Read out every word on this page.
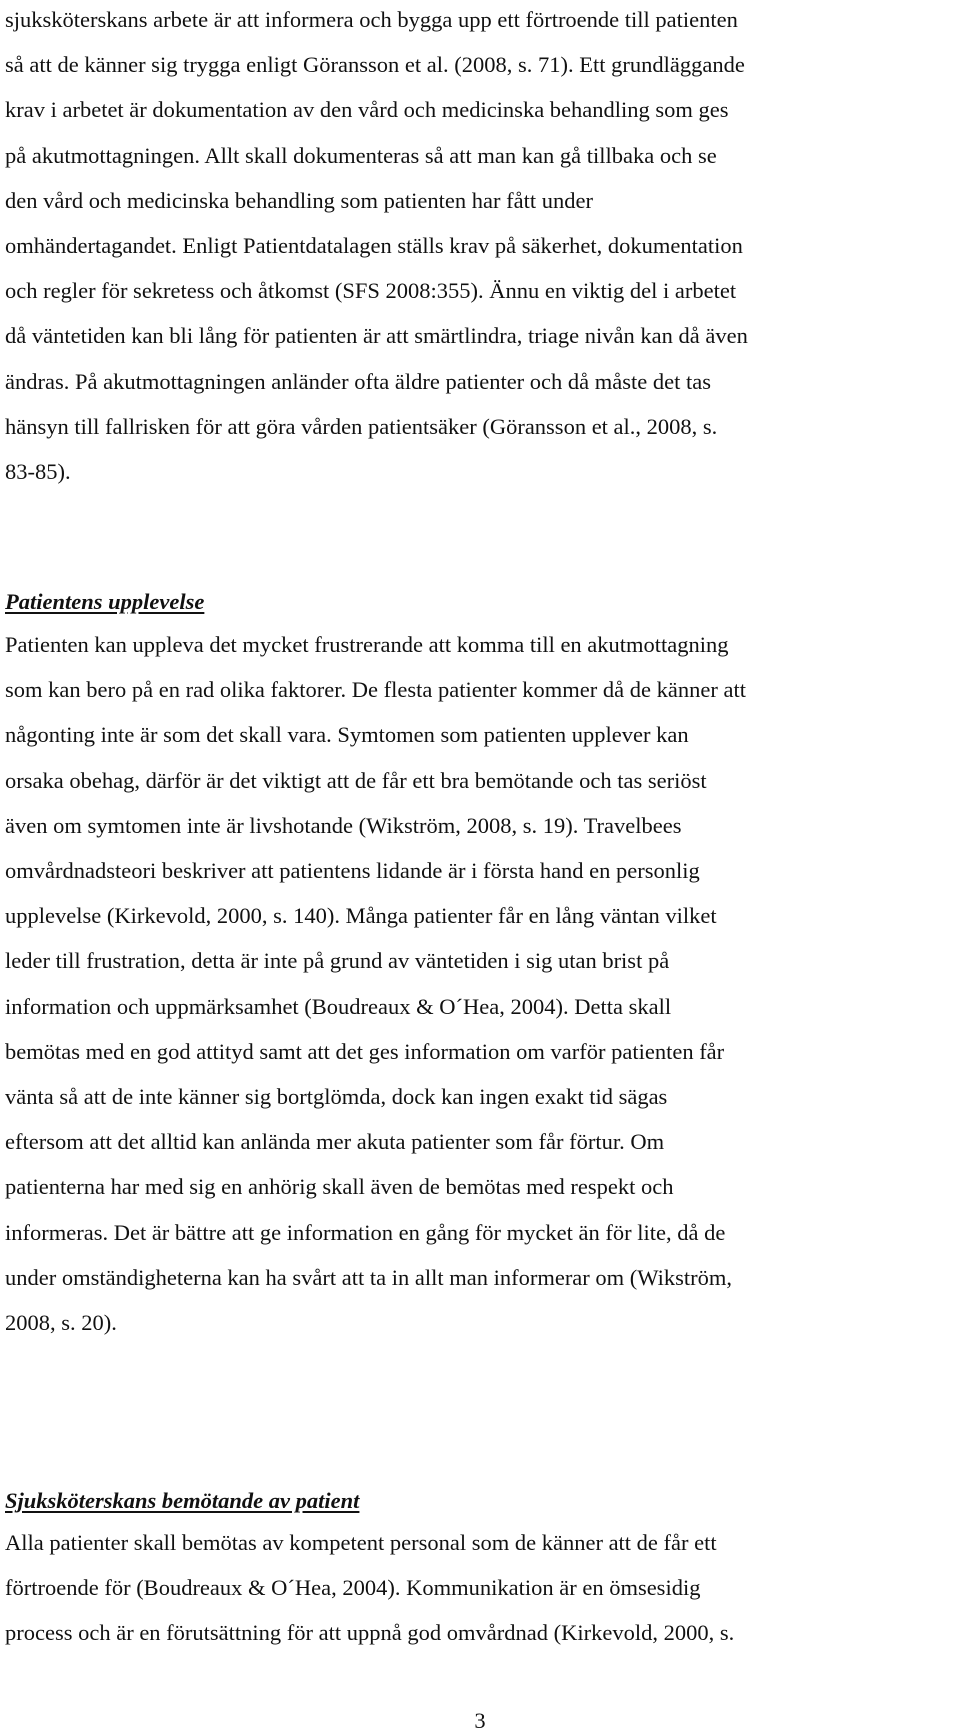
sjuksköterskans arbete är att informera och bygga upp ett förtroende till patienten
så att de känner sig trygga enligt Göransson et al. (2008, s. 71). Ett grundläggande
krav i arbetet är dokumentation av den vård och medicinska behandling som ges
på akutmottagningen. Allt skall dokumenteras så att man kan gå tillbaka och se
den vård och medicinska behandling som patienten har fått under
omhändertagandet. Enligt Patientdatalagen ställs krav på säkerhet, dokumentation
och regler för sekretess och åtkomst (SFS 2008:355). Ännu en viktig del i arbetet
då väntetiden kan bli lång för patienten är att smärtlindra, triage nivån kan då även
ändras. På akutmottagningen anländer ofta äldre patienter och då måste det tas
hänsyn till fallrisken för att göra vården patientsäker (Göransson et al., 2008, s.
83-85).

Patientens upplevelse

Patienten kan uppleva det mycket frustrerande att komma till en akutmottagning
som kan bero på en rad olika faktorer. De flesta patienter kommer då de känner att
någonting inte är som det skall vara. Symtomen som patienten upplever kan
orsaka obehag, därför är det viktigt att de får ett bra bemötande och tas seriöst
även om symtomen inte är livshotande (Wikström, 2008, s. 19). Travelbees
omvårdnadsteori beskriver att patientens lidande är i första hand en personlig
upplevelse (Kirkevold, 2000, s. 140). Många patienter får en lång väntan vilket
leder till frustration, detta är inte på grund av väntetiden i sig utan brist på
information och uppmärksamhet (Boudreaux & O´Hea, 2004). Detta skall
bemötas med en god attityd samt att det ges information om varför patienten får
vänta så att de inte känner sig bortglömda, dock kan ingen exakt tid sägas
eftersom att det alltid kan anlända mer akuta patienter som får förtur. Om
patienterna har med sig en anhörig skall även de bemötas med respekt och
informeras. Det är bättre att ge information en gång för mycket än för lite, då de
under omständigheterna kan ha svårt att ta in allt man informerar om (Wikström,
2008, s. 20).

Sjuksköterskans bemötande av patient

Alla patienter skall bemötas av kompetent personal som de känner att de får ett
förtroende för (Boudreaux & O´Hea, 2004). Kommunikation är en ömsesidig
process och är en förutsättning för att uppnå god omvårdnad (Kirkevold, 2000, s.

3
